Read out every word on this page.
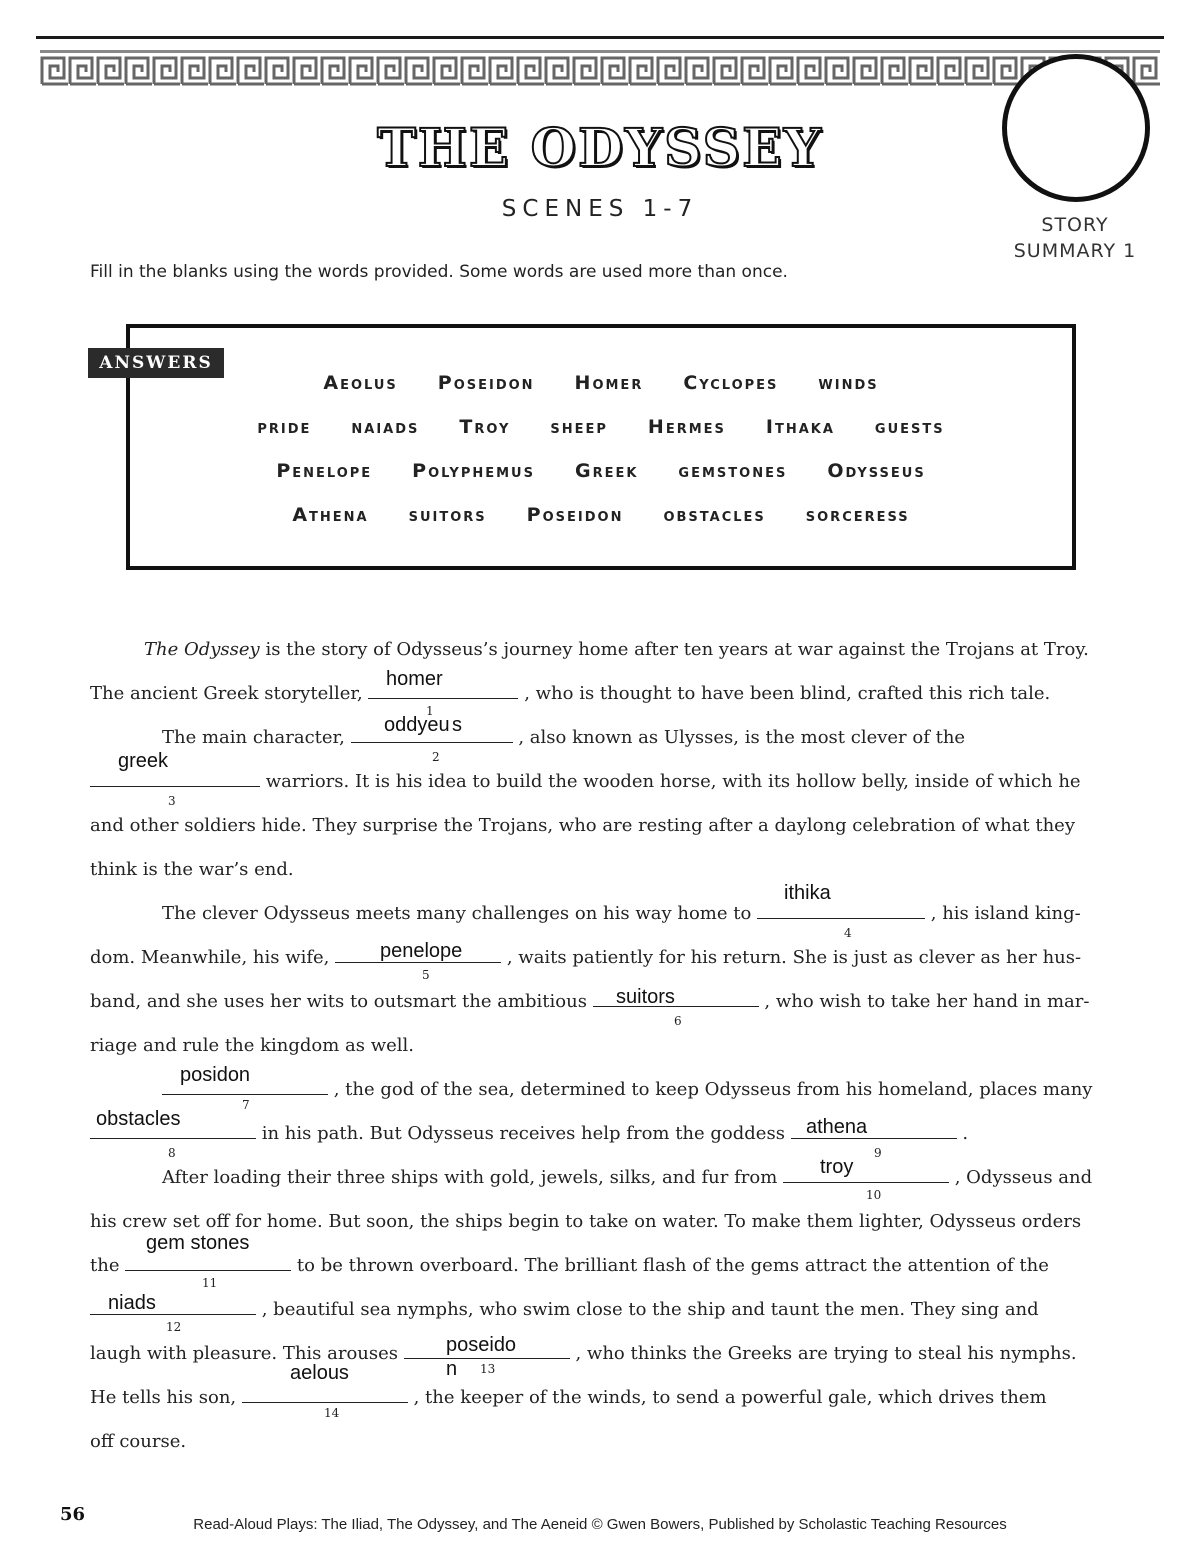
STORY
SUMMARY 1
THE ODYSSEY
SCENES 1-7
Fill in the blanks using the words provided. Some words are used more than once.
ANSWERS
Aeolus Poseidon Homer Cyclopes winds
pride naiads Troy sheep Hermes Ithaka guests
Penelope Polyphemus Greek gemstones Odysseus
Athena suitors Poseidon obstacles sorceress
The Odyssey is the story of Odysseus’s journey home after ten years at war against the Trojans at Troy.
The ancient Greek storyteller,	, who is thought to have been blind, crafted this rich tale.
The main character,	, also known as Ulysses, is the most clever of the
warriors. It is his idea to build the wooden horse, with its hollow belly, inside of which he
and other soldiers hide. They surprise the Trojans, who are resting after a daylong celebration of what they
think is the war’s end.
The clever Odysseus meets many challenges on his way home to	, his island king-
dom. Meanwhile, his wife,	, waits patiently for his return. She is just as clever as her hus-
band, and she uses her wits to outsmart the ambitious	, who wish to take her hand in mar-
riage and rule the kingdom as well.
, the god of the sea, determined to keep Odysseus from his homeland, places many
in his path. But Odysseus receives help from the goddess	.
After loading their three ships with gold, jewels, silks, and fur from	, Odysseus and
his crew set off for home. But soon, the ships begin to take on water. To make them lighter, Odysseus orders
the	to be thrown overboard. The brilliant flash of the gems attract the attention of the
, beautiful sea nymphs, who swim close to the ship and taunt the men. They sing and
laugh with pleasure. This arouses	, who thinks the Greeks are trying to steal his nymphs.
He tells his son,	, the keeper of the winds, to send a powerful gale, which drives them
off course.
homer
oddyeu s
greek
ithika
penelope
suitors
posidon
obstacles	athena
troy
gem stones
niads
poseido
n
aelous
1
2
3
4
5
6
7
8	9
10
11
12
13
14
56	Read-Aloud Plays: The Iliad, The Odyssey, and The Aeneid © Gwen Bowers, Published by Scholastic Teaching Resources
